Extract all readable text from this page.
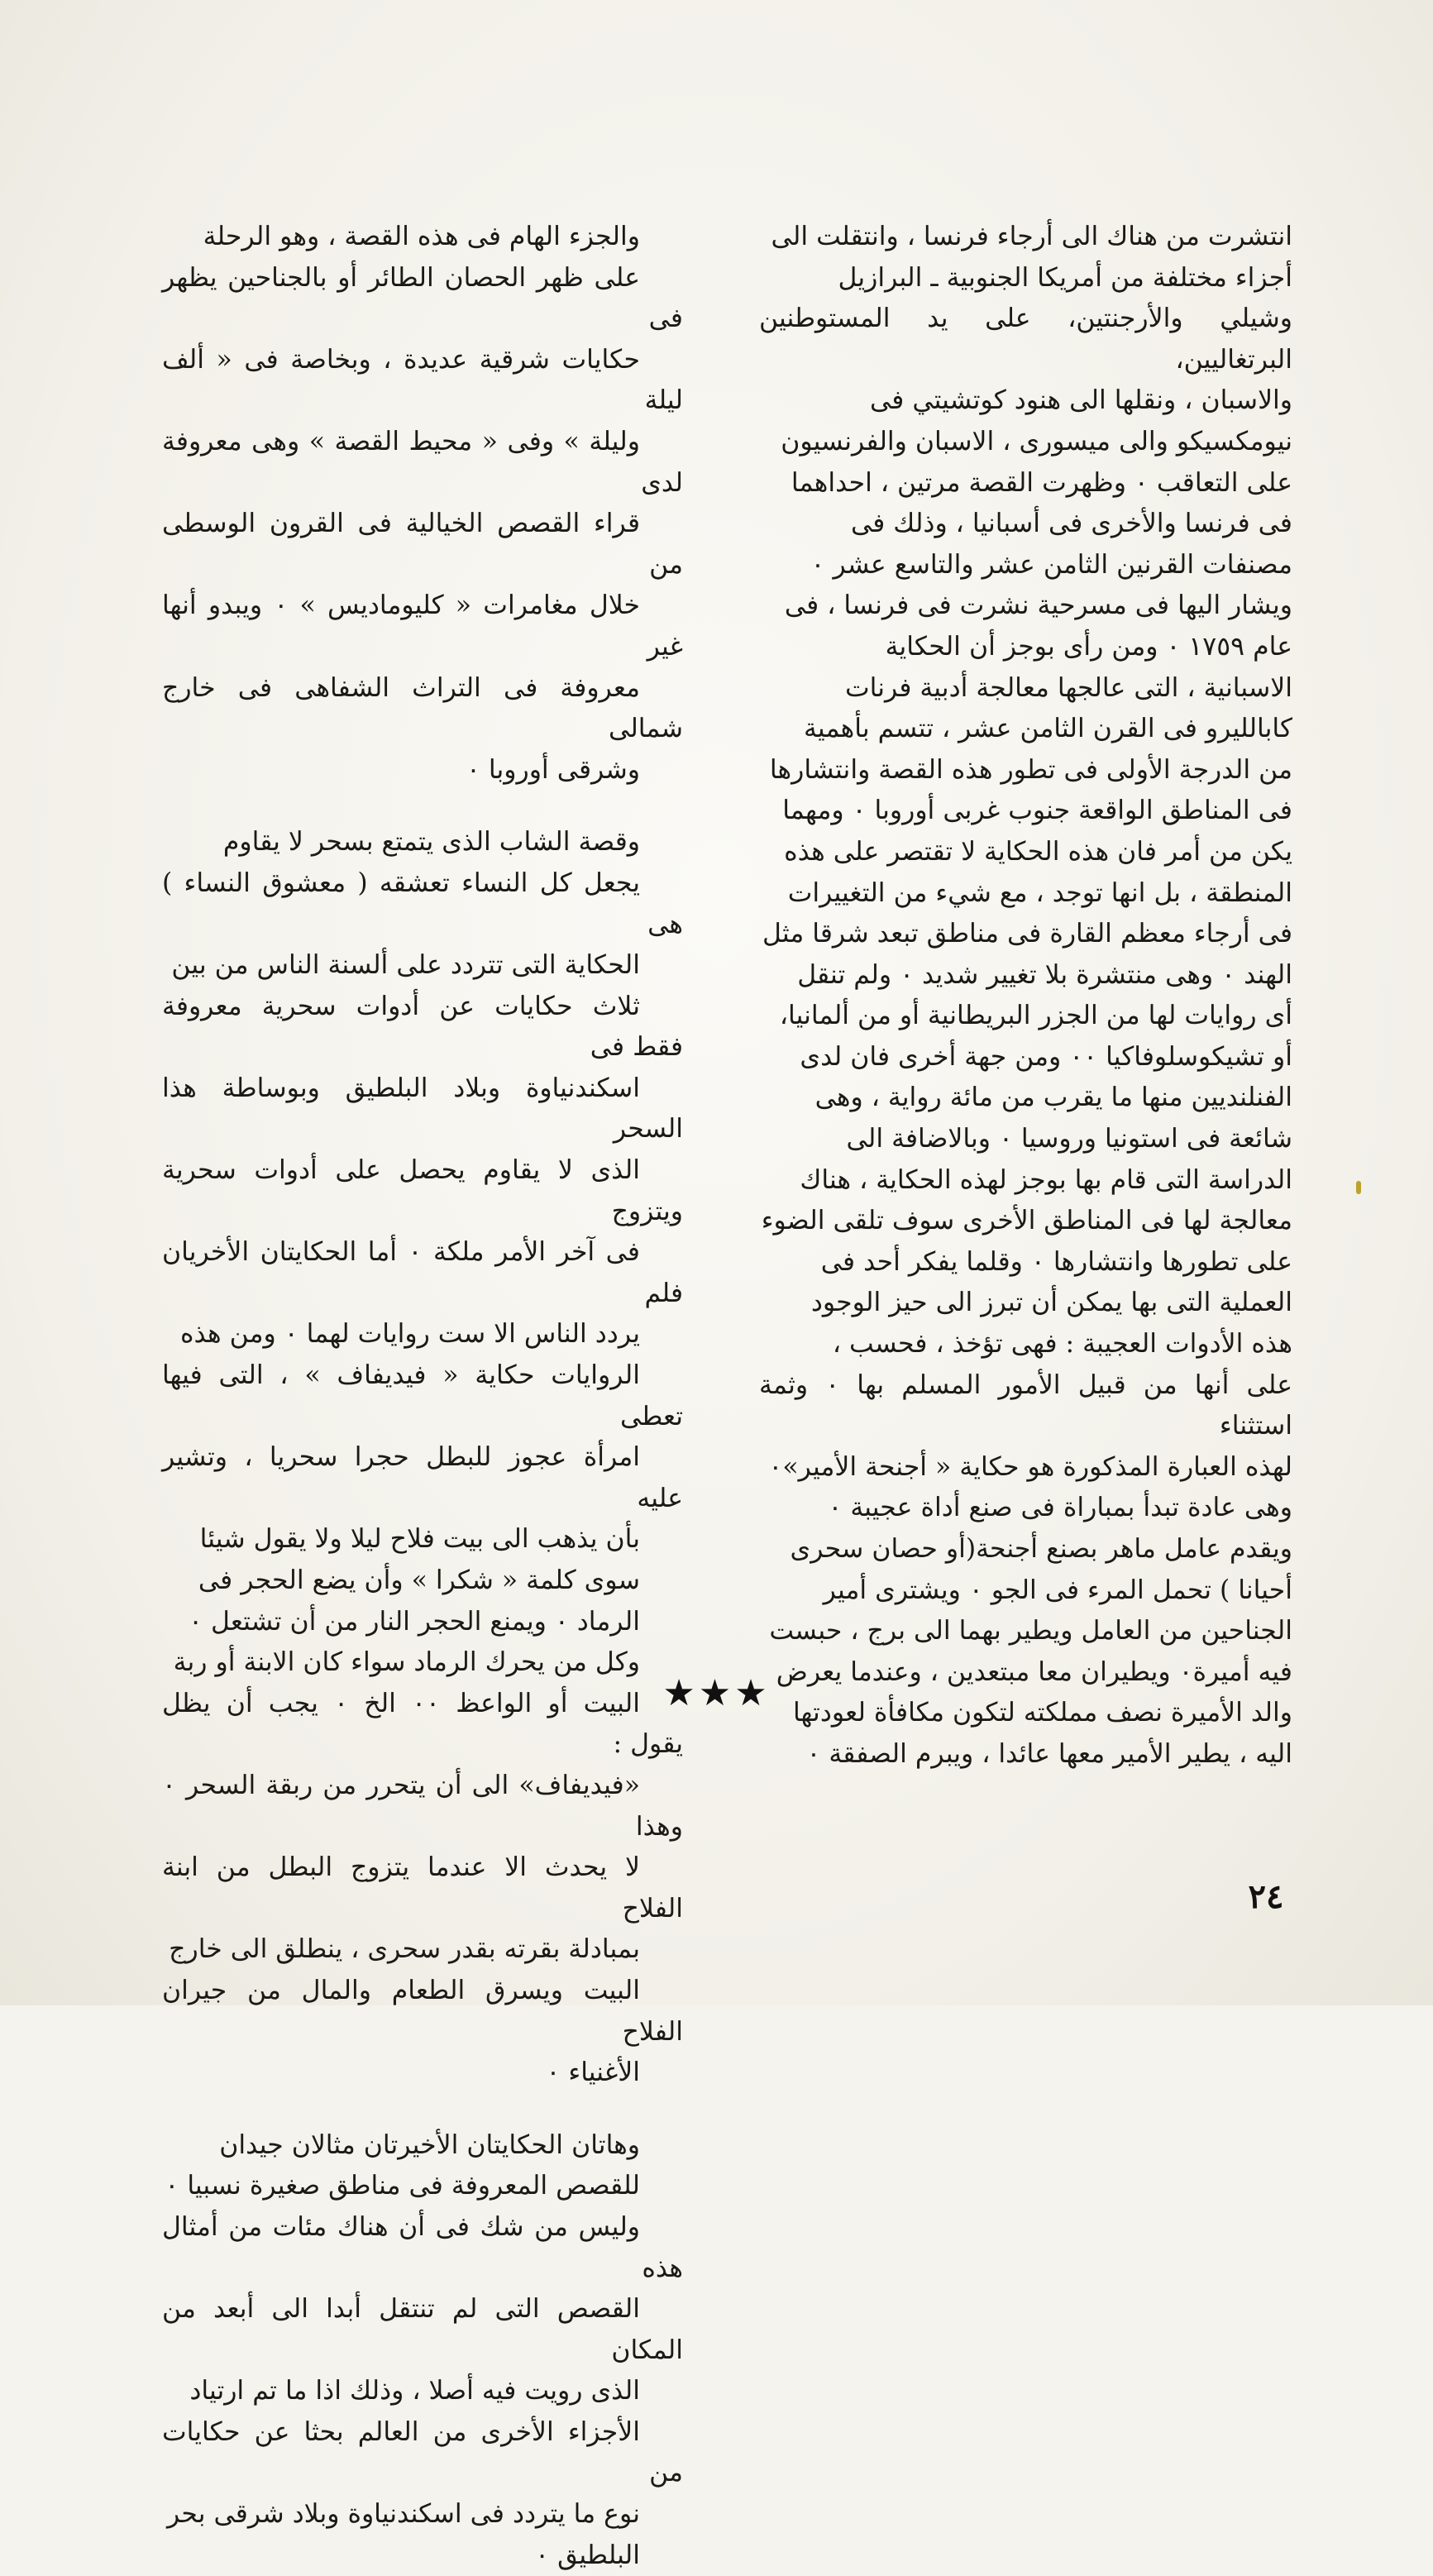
انتشرت من هناك الى أرجاء فرنسا ، وانتقلت الى
أجزاء مختلفة من أمريكا الجنوبية ـ البرازيل
وشيلي والأرجنتين، على يد المستوطنين البرتغاليين،
والاسبان ، ونقلها الى هنود كوتشيتي فى
نيومكسيكو والى ميسورى ، الاسبان والفرنسيون
على التعاقب ٠ وظهرت القصة مرتين ، احداهما
فى فرنسا والأخرى فى أسبانيا ، وذلك فى
مصنفات القرنين الثامن عشر والتاسع عشر ٠
ويشار اليها فى مسرحية نشرت فى فرنسا ، فى
عام ١٧٥٩ ٠ ومن رأى بوجز أن الحكاية
الاسبانية ، التى عالجها معالجة أدبية فرنات
كابالليرو فى القرن الثامن عشر ، تتسم بأهمية
من الدرجة الأولى فى تطور هذه القصة وانتشارها
فى المناطق الواقعة جنوب غربى أوروبا ٠ ومهما
يكن من أمر فان هذه الحكاية لا تقتصر على هذه
المنطقة ، بل انها توجد ، مع شيء من التغييرات
فى أرجاء معظم القارة فى مناطق تبعد شرقا مثل
الهند ٠ وهى منتشرة بلا تغيير شديد ٠ ولم تنقل
أى روايات لها من الجزر البريطانية أو من ألمانيا،
أو تشيكوسلوفاكيا ٠٠ ومن جهة أخرى فان لدى
الفنلنديين منها ما يقرب من مائة رواية ، وهى
شائعة فى استونيا وروسيا ٠ وبالاضافة الى
الدراسة التى قام بها بوجز لهذه الحكاية ، هناك
معالجة لها فى المناطق الأخرى سوف تلقى الضوء
على تطورها وانتشارها ٠ وقلما يفكر أحد فى
العملية التى بها يمكن أن تبرز الى حيز الوجود
هذه الأدوات العجيبة : فهى تؤخذ ، فحسب ،
على أنها من قبيل الأمور المسلم بها ٠ وثمة استثناء
لهذه العبارة المذكورة هو حكاية « أجنحة الأمير»٠
وهى عادة تبدأ بمباراة فى صنع أداة عجيبة ٠
ويقدم عامل ماهر بصنع أجنحة(أو حصان سحرى
أحيانا ) تحمل المرء فى الجو ٠ ويشترى أمير
الجناحين من العامل ويطير بهما الى برج ، حبست
فيه أميرة٠ ويطيران معا مبتعدين ، وعندما يعرض
والد الأميرة نصف مملكته لتكون مكافأة لعودتها
اليه ، يطير الأمير معها عائدا ، ويبرم الصفقة ٠

والجزء الهام فى هذه القصة ، وهو الرحلة
على ظهر الحصان الطائر أو بالجناحين يظهر فى
حكايات شرقية عديدة ، وبخاصة فى « ألف ليلة
وليلة » وفى « محيط القصة » وهى معروفة لدى
قراء القصص الخيالية فى القرون الوسطى من
خلال مغامرات « كليومادیس » ٠ ويبدو أنها غير
معروفة فى التراث الشفاهى فى خارج شمالى
وشرقى أوروبا ٠

وقصة الشاب الذى يتمتع بسحر لا يقاوم
يجعل كل النساء تعشقه ( معشوق النساء ) هى
الحكاية التى تتردد على ألسنة الناس من بين
ثلاث حكايات عن أدوات سحرية معروفة فقط فى
اسكندنياوة وبلاد البلطيق وبوساطة هذا السحر
الذى لا يقاوم يحصل على أدوات سحرية ويتزوج
فى آخر الأمر ملكة ٠ أما الحكايتان الأخريان فلم
يردد الناس الا ست روايات لهما ٠ ومن هذه
الروايات حكاية « فيديفاف » ، التى فيها تعطى
امرأة عجوز للبطل حجرا سحريا ، وتشير عليه
بأن يذهب الى بيت فلاح ليلا ولا يقول شيئا
سوى كلمة « شكرا » وأن يضع الحجر فى
الرماد ٠ ويمنع الحجر النار من أن تشتعل ٠
وكل من يحرك الرماد سواء كان الابنة أو ربة
البيت أو الواعظ ٠٠ الخ ٠ يجب أن يظل يقول :
«فيديفاف» الى أن يتحرر من ربقة السحر ٠ وهذا
لا يحدث الا عندما يتزوج البطل من ابنة الفلاح
بمبادلة بقرته بقدر سحرى ، ينطلق الى خارج
البيت ويسرق الطعام والمال من جيران الفلاح
الأغنياء ٠

وهاتان الحكايتان الأخيرتان مثالان جيدان
للقصص المعروفة فى مناطق صغيرة نسبيا ٠
وليس من شك فى أن هناك مئات من أمثال هذه
القصص التى لم تنتقل أبدا الى أبعد من المكان
الذى رويت فيه أصلا ، وذلك اذا ما تم ارتياد
الأجزاء الأخرى من العالم بحثا عن حكايات من
نوع ما يتردد فى اسكندنياوة وبلاد شرقى بحر
البلطيق ٠

★★★
٢٤
